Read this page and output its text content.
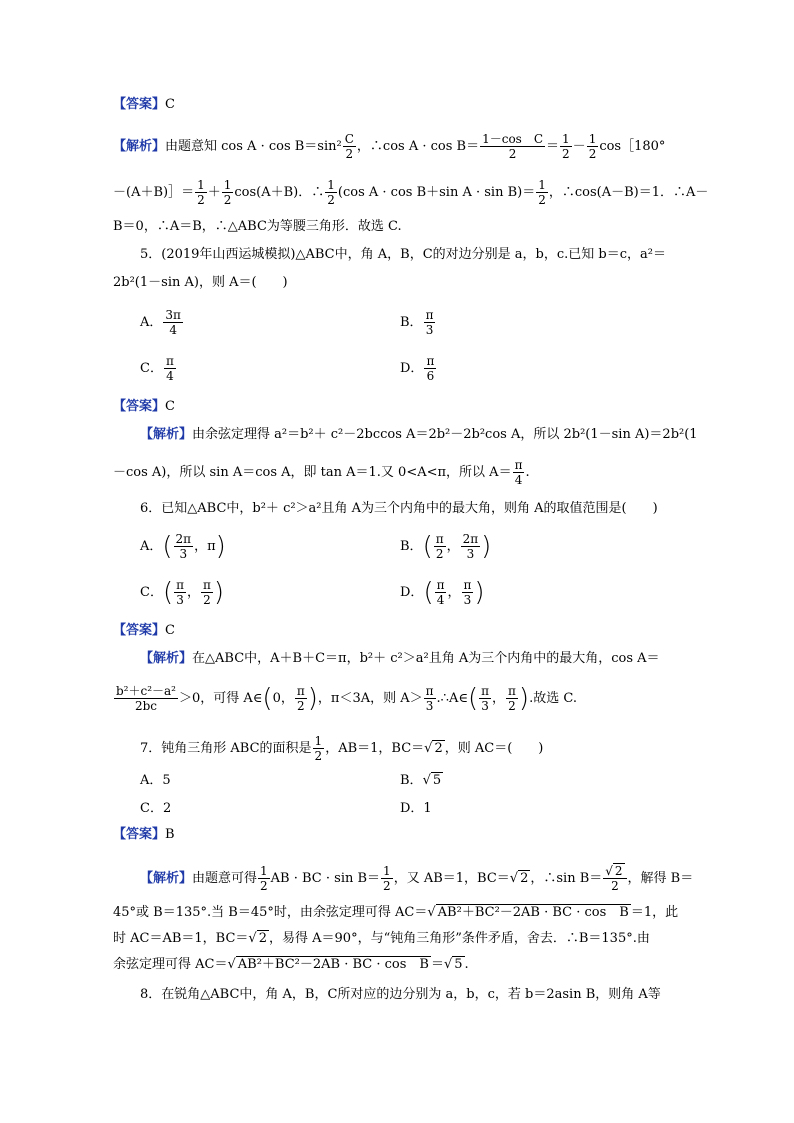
【答案】C
【解析】由题意知 $\cos A \cdot \cos B=\sin^2 \frac{C}{2}$ ，∴cos $A \cdot \cos B= \frac{\text{1－cos　C}}{2} = \frac{1}{2} - \frac{1}{2}$ cos［180°
－(A＋B)］＝ $\frac{1}{2} + \frac{1}{2} \cos(A+B)$．∴ $\frac{1}{2} (\cos$ A · cos B＋sin $A \cdot \sin B)= \frac{1}{2}$ ，∴cos(A－B)＝1．∴A－
B＝0，∴A＝B，∴△ABC为等腰三角形．故选 C.
5．(2019年山西运城模拟)△ABC中，角 A，B，C的对边分别是 a，b，c.已知 b＝c，a²＝
2b²(1－sin A)，则 A＝(　　)
A． $\frac{3\pi}{4}$	B． $\frac{\pi}{3}$
C． $\frac{\pi}{4}$	D． $\frac{\pi}{6}$
【答案】C
【解析】由余弦定理得 a²＝b²＋ c²－2bccos A＝2b²－2b²cos A，所以 2b²(1－sin A)＝2b²(1
－cos A)，所以 sin A＝cos A，即 tan A＝1.又 0<A<π，所以 $A= \frac{\pi}{4}$ .
6．已知△ABC中，b²＋ c²＞a²且角 A为三个内角中的最大角，则角 A的取值范围是(　　)
A．( $\frac{2\pi}{3}$ ，π)	B．( $\frac{\pi}{2}$ ， $\frac{2\pi}{3}$ )
C．( $\frac{\pi}{3}$ ， $\frac{\pi}{2}$ )	D．( $\frac{\pi}{4}$ ， $\frac{\pi}{3}$ )
【答案】C
【解析】在△ABC中，A＋B＋C＝π，b²＋ c²＞a²且角 A为三个内角中的最大角，cos A＝
$\frac{\text{b²＋c²－a²}}{2bc} >0$，可得 A∈(0， $\frac{\pi}{2}$ )，π＜3A，则 $A> \frac{\pi}{3}$ .∴A∈( $\frac{\pi}{3}$ ， $\frac{\pi}{2}$ ).故选 C.
7．钝角三角形 ABC的面积是 $\frac{1}{2}$ ，AB＝1，BC＝√ 2 ，则 AC＝(　　)
A．5	B．√ 5
C．2	D．1
【答案】B
【解析】由题意可得 $\frac{1}{2}$ AB · BC · $\sin B= \frac{1}{2}$ ，又 AB＝1，BC＝√ 2 ，∴sin $B= \frac{√ 2}{2}$ ，解得 B＝
45°或 B＝135°.当 B＝45°时，由余弦定理可得 AC＝√ AB²＋BC²－2AB · BC · cos　B ＝1，此
时 AC＝AB＝1，BC＝√ 2 ，易得 A＝90°，与“钝角三角形”条件矛盾，舍去．∴B＝135°.由
余弦定理可得 AC＝√ AB²＋BC²－2AB · BC · cos　B ＝√ 5 .
8．在锐角△ABC中，角 A，B，C所对应的边分别为 a，b，c，若 b＝2asin B，则角 A等
